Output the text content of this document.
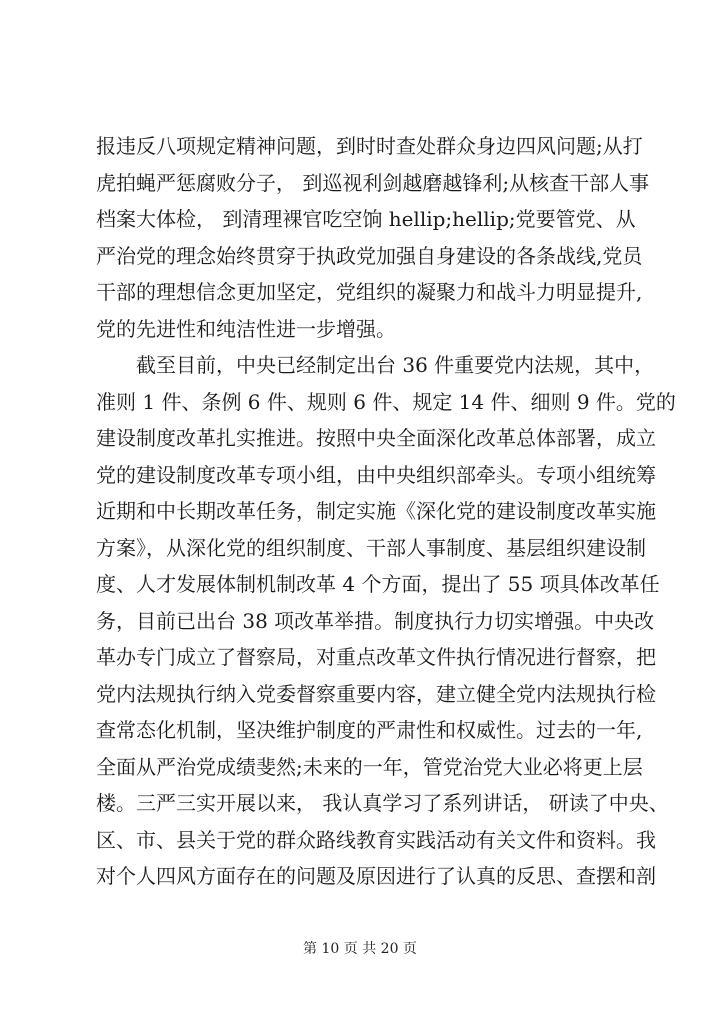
报违反八项规定精神问题，到时时查处群众身边四风问题;从打
虎拍蝇严惩腐败分子， 到巡视利剑越磨越锋利;从核查干部人事
档案大体检， 到清理裸官吃空饷 hellip;hellip;党要管党、从
严治党的理念始终贯穿于执政党加强自身建设的各条战线,党员
干部的理想信念更加坚定，党组织的凝聚力和战斗力明显提升,
党的先进性和纯洁性进一步增强。
　　截至目前，中央已经制定出台 36 件重要党内法规，其中，
准则 1 件、条例 6 件、规则 6 件、规定 14 件、细则 9 件。党的
建设制度改革扎实推进。按照中央全面深化改革总体部署，成立
党的建设制度改革专项小组，由中央组织部牵头。专项小组统筹
近期和中长期改革任务，制定实施《深化党的建设制度改革实施
方案》，从深化党的组织制度、干部人事制度、基层组织建设制
度、人才发展体制机制改革 4 个方面，提出了 55 项具体改革任
务，目前已出台 38 项改革举措。制度执行力切实增强。中央改
革办专门成立了督察局，对重点改革文件执行情况进行督察，把
党内法规执行纳入党委督察重要内容，建立健全党内法规执行检
查常态化机制，坚决维护制度的严肃性和权威性。过去的一年,
全面从严治党成绩斐然;未来的一年，管党治党大业必将更上层
楼。三严三实开展以来， 我认真学习了系列讲话， 研读了中央、
区、市、县关于党的群众路线教育实践活动有关文件和资料。我
对个人四风方面存在的问题及原因进行了认真的反思、查摆和剖
第 10 页 共 20 页
